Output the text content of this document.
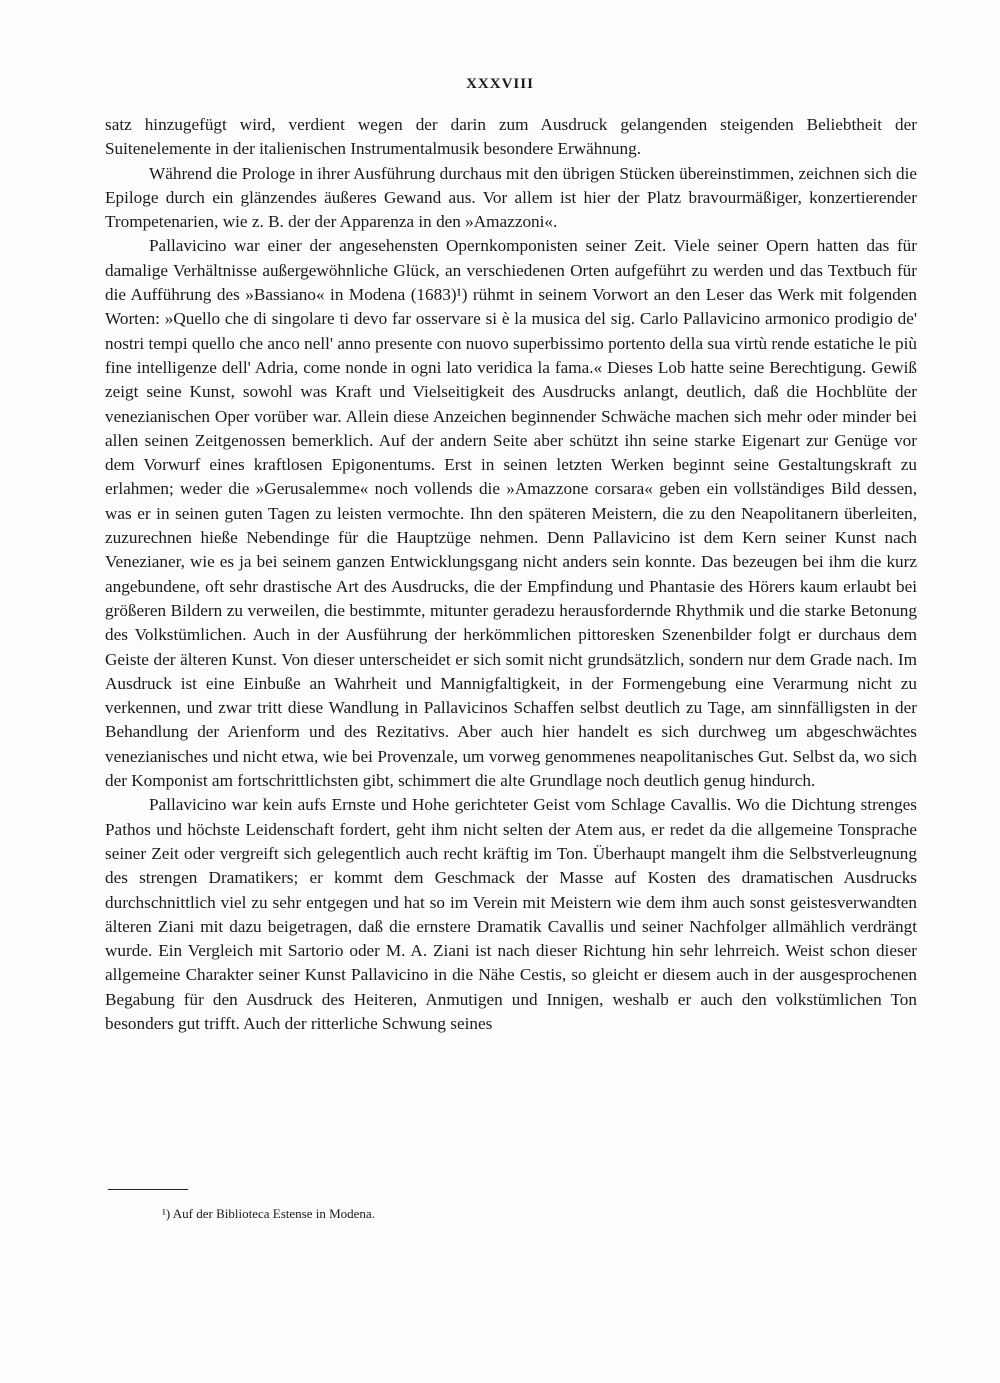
XXXVIII

satz hinzugefügt wird, verdient wegen der darin zum Ausdruck gelangenden steigenden Beliebtheit der Suitenelemente in der italienischen Instrumentalmusik besondere Erwähnung.

Während die Prologe in ihrer Ausführung durchaus mit den übrigen Stücken übereinstimmen, zeichnen sich die Epiloge durch ein glänzendes äußeres Gewand aus. Vor allem ist hier der Platz bravourmäßiger, konzertierender Trompetenarien, wie z. B. der der Apparenza in den »Amazzoni«.

Pallavicino war einer der angesehensten Opernkomponisten seiner Zeit. Viele seiner Opern hatten das für damalige Verhältnisse außergewöhnliche Glück, an verschiedenen Orten aufgeführt zu werden und das Textbuch für die Aufführung des »Bassiano« in Modena (1683)¹) rühmt in seinem Vorwort an den Leser das Werk mit folgenden Worten: »Quello che di singolare ti devo far osservare si è la musica del sig. Carlo Pallavicino armonico prodigio de' nostri tempi quello che anco nell' anno presente con nuovo superbissimo portento della sua virtù rende estatiche le più fine intelligenze dell' Adria, come nonde in ogni lato veridica la fama.« Dieses Lob hatte seine Berechtigung. Gewiß zeigt seine Kunst, sowohl was Kraft und Vielseitigkeit des Ausdrucks anlangt, deutlich, daß die Hochblüte der venezianischen Oper vorüber war. Allein diese Anzeichen beginnender Schwäche machen sich mehr oder minder bei allen seinen Zeitgenossen bemerklich. Auf der andern Seite aber schützt ihn seine starke Eigenart zur Genüge vor dem Vorwurf eines kraftlosen Epigonentums. Erst in seinen letzten Werken beginnt seine Gestaltungskraft zu erlahmen; weder die »Gerusalemme« noch vollends die »Amazzone corsara« geben ein vollständiges Bild dessen, was er in seinen guten Tagen zu leisten vermochte. Ihn den späteren Meistern, die zu den Neapolitanern überleiten, zuzurechnen hieße Nebendinge für die Hauptzüge nehmen. Denn Pallavicino ist dem Kern seiner Kunst nach Venezianer, wie es ja bei seinem ganzen Entwicklungsgang nicht anders sein konnte. Das bezeugen bei ihm die kurz angebundene, oft sehr drastische Art des Ausdrucks, die der Empfindung und Phantasie des Hörers kaum erlaubt bei größeren Bildern zu verweilen, die bestimmte, mitunter geradezu herausfordernde Rhythmik und die starke Betonung des Volkstümlichen. Auch in der Ausführung der herkömmlichen pittoresken Szenenbilder folgt er durchaus dem Geiste der älteren Kunst. Von dieser unterscheidet er sich somit nicht grundsätzlich, sondern nur dem Grade nach. Im Ausdruck ist eine Einbuße an Wahrheit und Mannigfaltigkeit, in der Formengebung eine Verarmung nicht zu verkennen, und zwar tritt diese Wandlung in Pallavicinos Schaffen selbst deutlich zu Tage, am sinnfälligsten in der Behandlung der Arienform und des Rezitativs. Aber auch hier handelt es sich durchweg um abgeschwächtes venezianisches und nicht etwa, wie bei Provenzale, um vorweg genommenes neapolitanisches Gut. Selbst da, wo sich der Komponist am fortschrittlichsten gibt, schimmert die alte Grundlage noch deutlich genug hindurch.

Pallavicino war kein aufs Ernste und Hohe gerichteter Geist vom Schlage Cavallis. Wo die Dichtung strenges Pathos und höchste Leidenschaft fordert, geht ihm nicht selten der Atem aus, er redet da die allgemeine Tonsprache seiner Zeit oder vergreift sich gelegentlich auch recht kräftig im Ton. Überhaupt mangelt ihm die Selbstverleugnung des strengen Dramatikers; er kommt dem Geschmack der Masse auf Kosten des dramatischen Ausdrucks durchschnittlich viel zu sehr entgegen und hat so im Verein mit Meistern wie dem ihm auch sonst geistesverwandten älteren Ziani mit dazu beigetragen, daß die ernstere Dramatik Cavallis und seiner Nachfolger allmählich verdrängt wurde. Ein Vergleich mit Sartorio oder M. A. Ziani ist nach dieser Richtung hin sehr lehrreich. Weist schon dieser allgemeine Charakter seiner Kunst Pallavicino in die Nähe Cestis, so gleicht er diesem auch in der ausgesprochenen Begabung für den Ausdruck des Heiteren, Anmutigen und Innigen, weshalb er auch den volkstümlichen Ton besonders gut trifft. Auch der ritterliche Schwung seines

¹) Auf der Biblioteca Estense in Modena.
